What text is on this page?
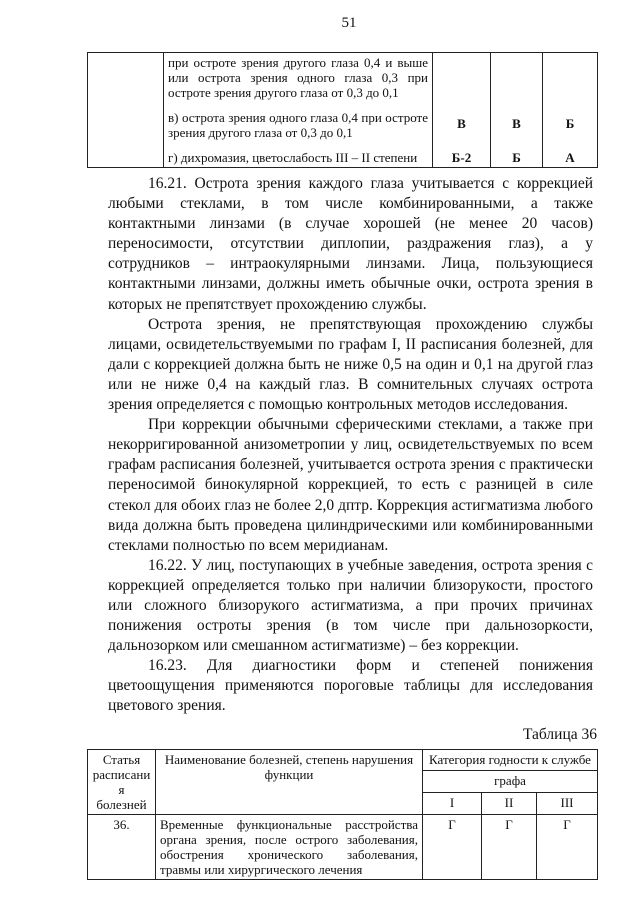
51
	при остроте зрения другого глаза 0,4 и выше или острота зрения одного глаза 0,3 при остроте зрения другого глаза от 0,3 до 0,1			
	в) острота зрения одного глаза 0,4 при остроте зрения другого глаза от 0,3 до 0,1	В	В	Б
	г) дихромазия, цветослабость III – II степени	Б-2	Б	А

16.21. Острота зрения каждого глаза учитывается с коррекцией любыми стеклами, в том числе комбинированными, а также контактными линзами (в случае хорошей (не менее 20 часов) переносимости, отсутствии диплопии, раздражения глаз), а у сотрудников – интраокулярными линзами. Лица, пользующиеся контактными линзами, должны иметь обычные очки, острота зрения в которых не препятствует прохождению службы.

Острота зрения, не препятствующая прохождению службы лицами, освидетельствуемыми по графам I, II расписания болезней, для дали с коррекцией должна быть не ниже 0,5 на один и 0,1 на другой глаз или не ниже 0,4 на каждый глаз. В сомнительных случаях острота зрения определяется с помощью контрольных методов исследования.

При коррекции обычными сферическими стеклами, а также при некорригированной анизометропии у лиц, освидетельствуемых по всем графам расписания болезней, учитывается острота зрения с практически переносимой бинокулярной коррекцией, то есть с разницей в силе стекол для обоих глаз не более 2,0 дптр. Коррекция астигматизма любого вида должна быть проведена цилиндрическими или комбинированными стеклами полностью по всем меридианам.

16.22. У лиц, поступающих в учебные заведения, острота зрения с коррекцией определяется только при наличии близорукости, простого или сложного близорукого астигматизма, а при прочих причинах понижения остроты зрения (в том числе при дальнозоркости, дальнозорком или смешанном астигматизме) – без коррекции.

16.23. Для диагностики форм и степеней понижения цветоощущения применяются пороговые таблицы для исследования цветового зрения.

Таблица 36
Статья расписания болезней	Наименование болезней, степень нарушения функции	Категория годности к службе		
		графа		
		I	II	III
36.	Временные функциональные расстройства органа зрения, после острого заболевания, обострения хронического заболевания, травмы или хирургического лечения	Г	Г	Г
